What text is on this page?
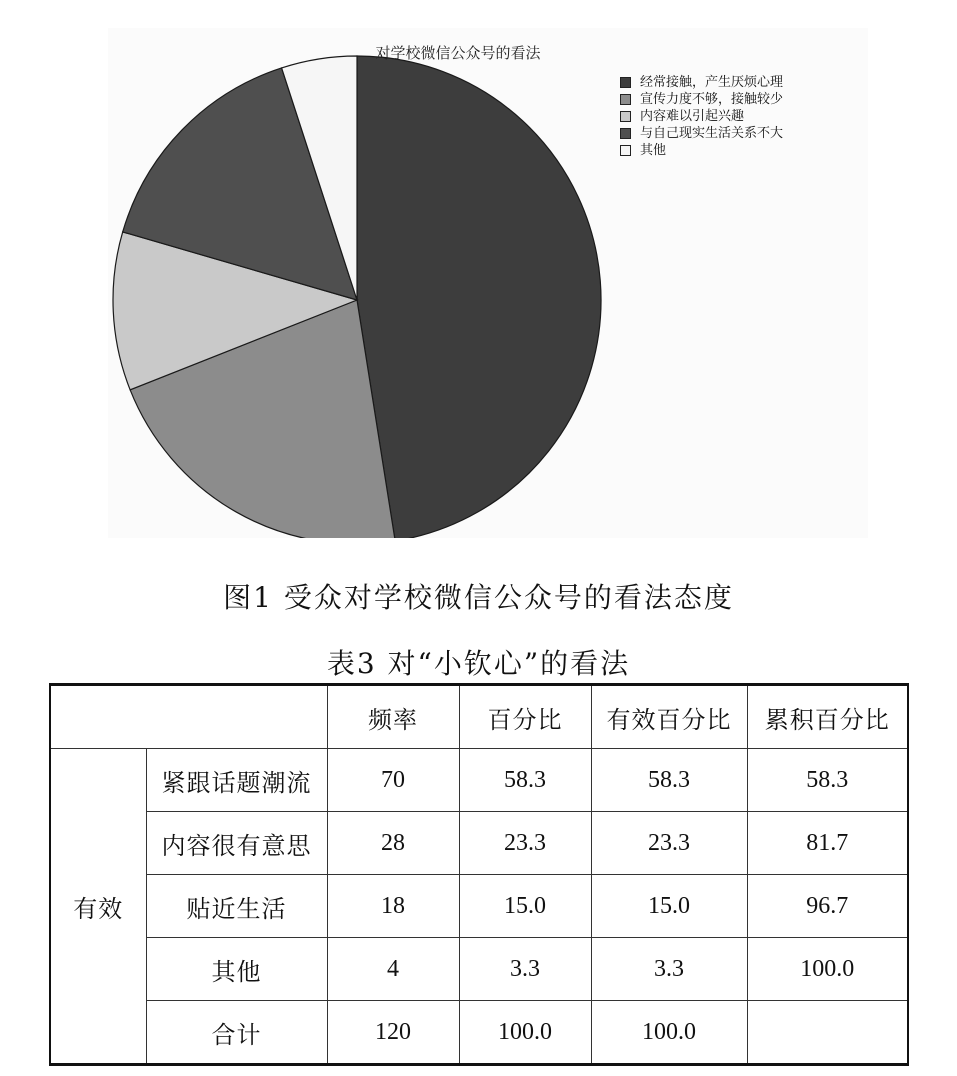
对学校微信公众号的看法
经常接触，产生厌烦心理
宣传力度不够，接触较少
内容难以引起兴趣
与自己现实生活关系不大
其他
图1 受众对学校微信公众号的看法态度
表3 对“小钦心”的看法
		频率	百分比	有效百分比	累积百分比
有效	紧跟话题潮流	70	58.3	58.3	58.3
	内容很有意思	28	23.3	23.3	81.7
	贴近生活	18	15.0	15.0	96.7
	其他	4	3.3	3.3	100.0
	合计	120	100.0	100.0	
